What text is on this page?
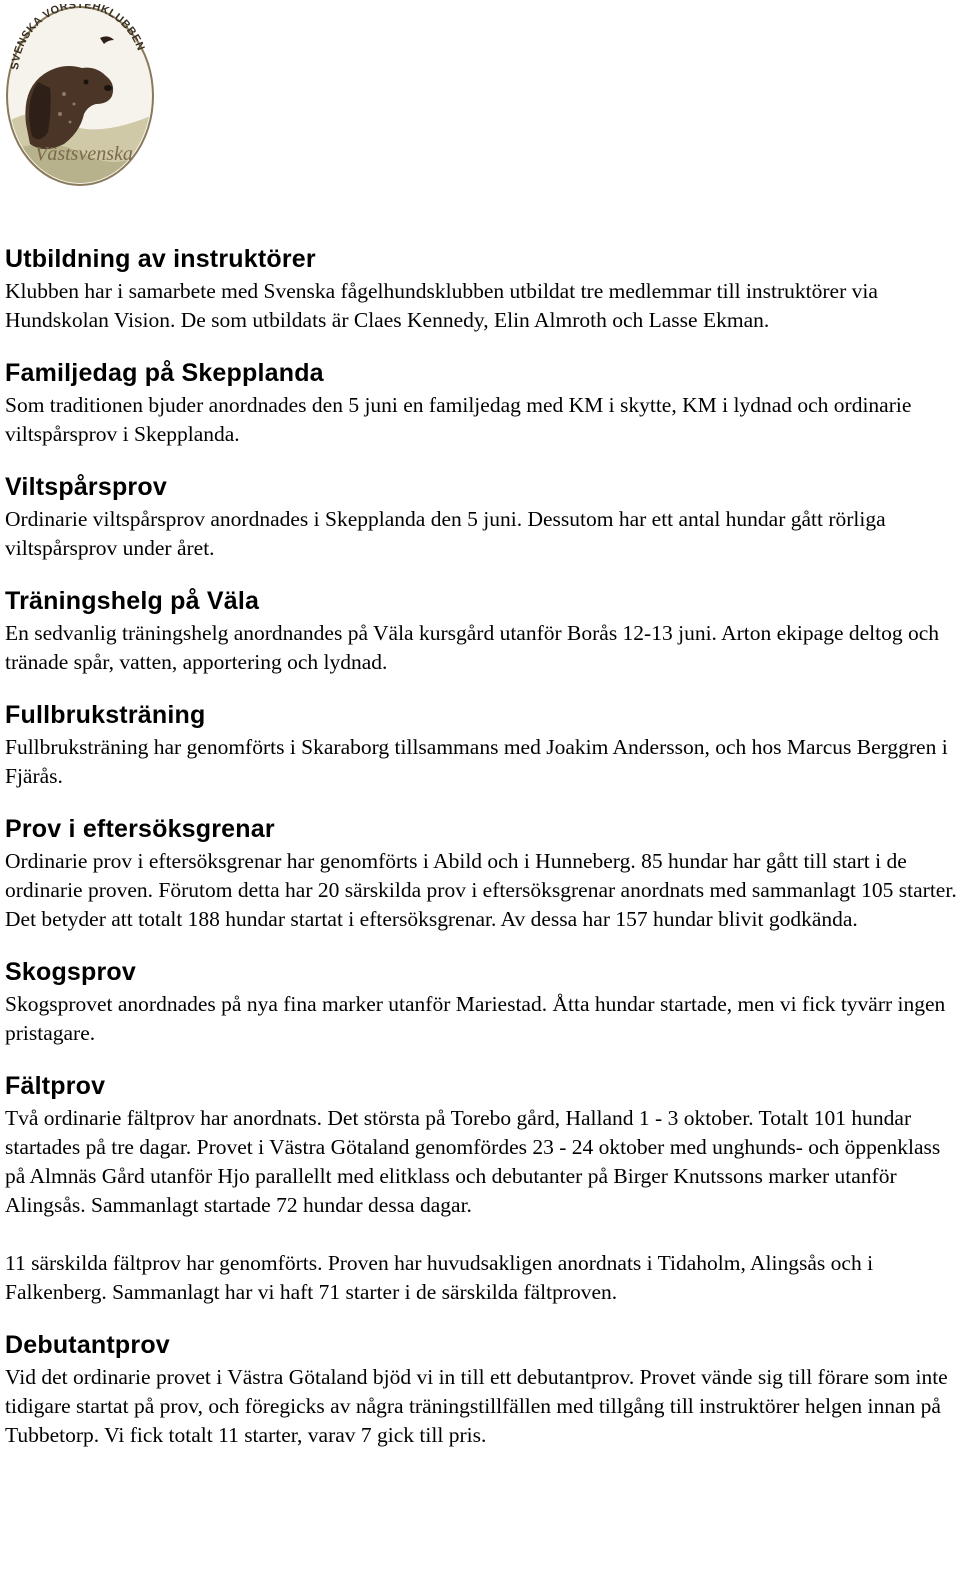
SVENSKA VORSTEHKLUBBEN
Västsvenska
Utbildning av instruktörer

Klubben har i samarbete med Svenska fågelhundsklubben utbildat tre medlemmar till instruktörer via Hundskolan Vision. De som utbildats är Claes Kennedy, Elin Almroth och Lasse Ekman.

Familjedag på Skepplanda

Som traditionen bjuder anordnades den 5 juni en familjedag med KM i skytte, KM i lydnad och ordinarie viltspårsprov i Skepplanda.

Viltspårsprov

Ordinarie viltspårsprov anordnades i Skepplanda den 5 juni. Dessutom har ett antal hundar gått rörliga viltspårsprov under året.

Träningshelg på Väla

En sedvanlig träningshelg anordnandes på Väla kursgård utanför Borås 12-13 juni. Arton ekipage deltog och tränade spår, vatten, apportering och lydnad.

Fullbruksträning

Fullbruksträning har genomförts i Skaraborg tillsammans med Joakim Andersson, och hos Marcus Berggren i Fjärås.

Prov i eftersöksgrenar

Ordinarie prov i eftersöksgrenar har genomförts i Abild och i Hunneberg. 85 hundar har gått till start i de ordinarie proven. Förutom detta har 20 särskilda prov i eftersöksgrenar anordnats med sammanlagt 105 starter. Det betyder att totalt 188 hundar startat i eftersöksgrenar. Av dessa har 157 hundar blivit godkända.

Skogsprov

Skogsprovet anordnades på nya fina marker utanför Mariestad. Åtta hundar startade, men vi fick tyvärr ingen pristagare.

Fältprov

Två ordinarie fältprov har anordnats. Det största på Torebo gård, Halland 1 - 3 oktober. Totalt 101 hundar startades på tre dagar. Provet i Västra Götaland genomfördes 23 - 24 oktober med unghunds- och öppenklass på Almnäs Gård utanför Hjo parallellt med elitklass och debutanter på Birger Knutssons marker utanför Alingsås. Sammanlagt startade 72 hundar dessa dagar.

11 särskilda fältprov har genomförts. Proven har huvudsakligen anordnats i Tidaholm, Alingsås och i Falkenberg. Sammanlagt har vi haft 71 starter i de särskilda fältproven.

Debutantprov

Vid det ordinarie provet i Västra Götaland bjöd vi in till ett debutantprov. Provet vände sig till förare som inte tidigare startat på prov, och föregicks av några träningstillfällen med tillgång till instruktörer helgen innan på Tubbetorp. Vi fick totalt 11 starter, varav 7 gick till pris.
